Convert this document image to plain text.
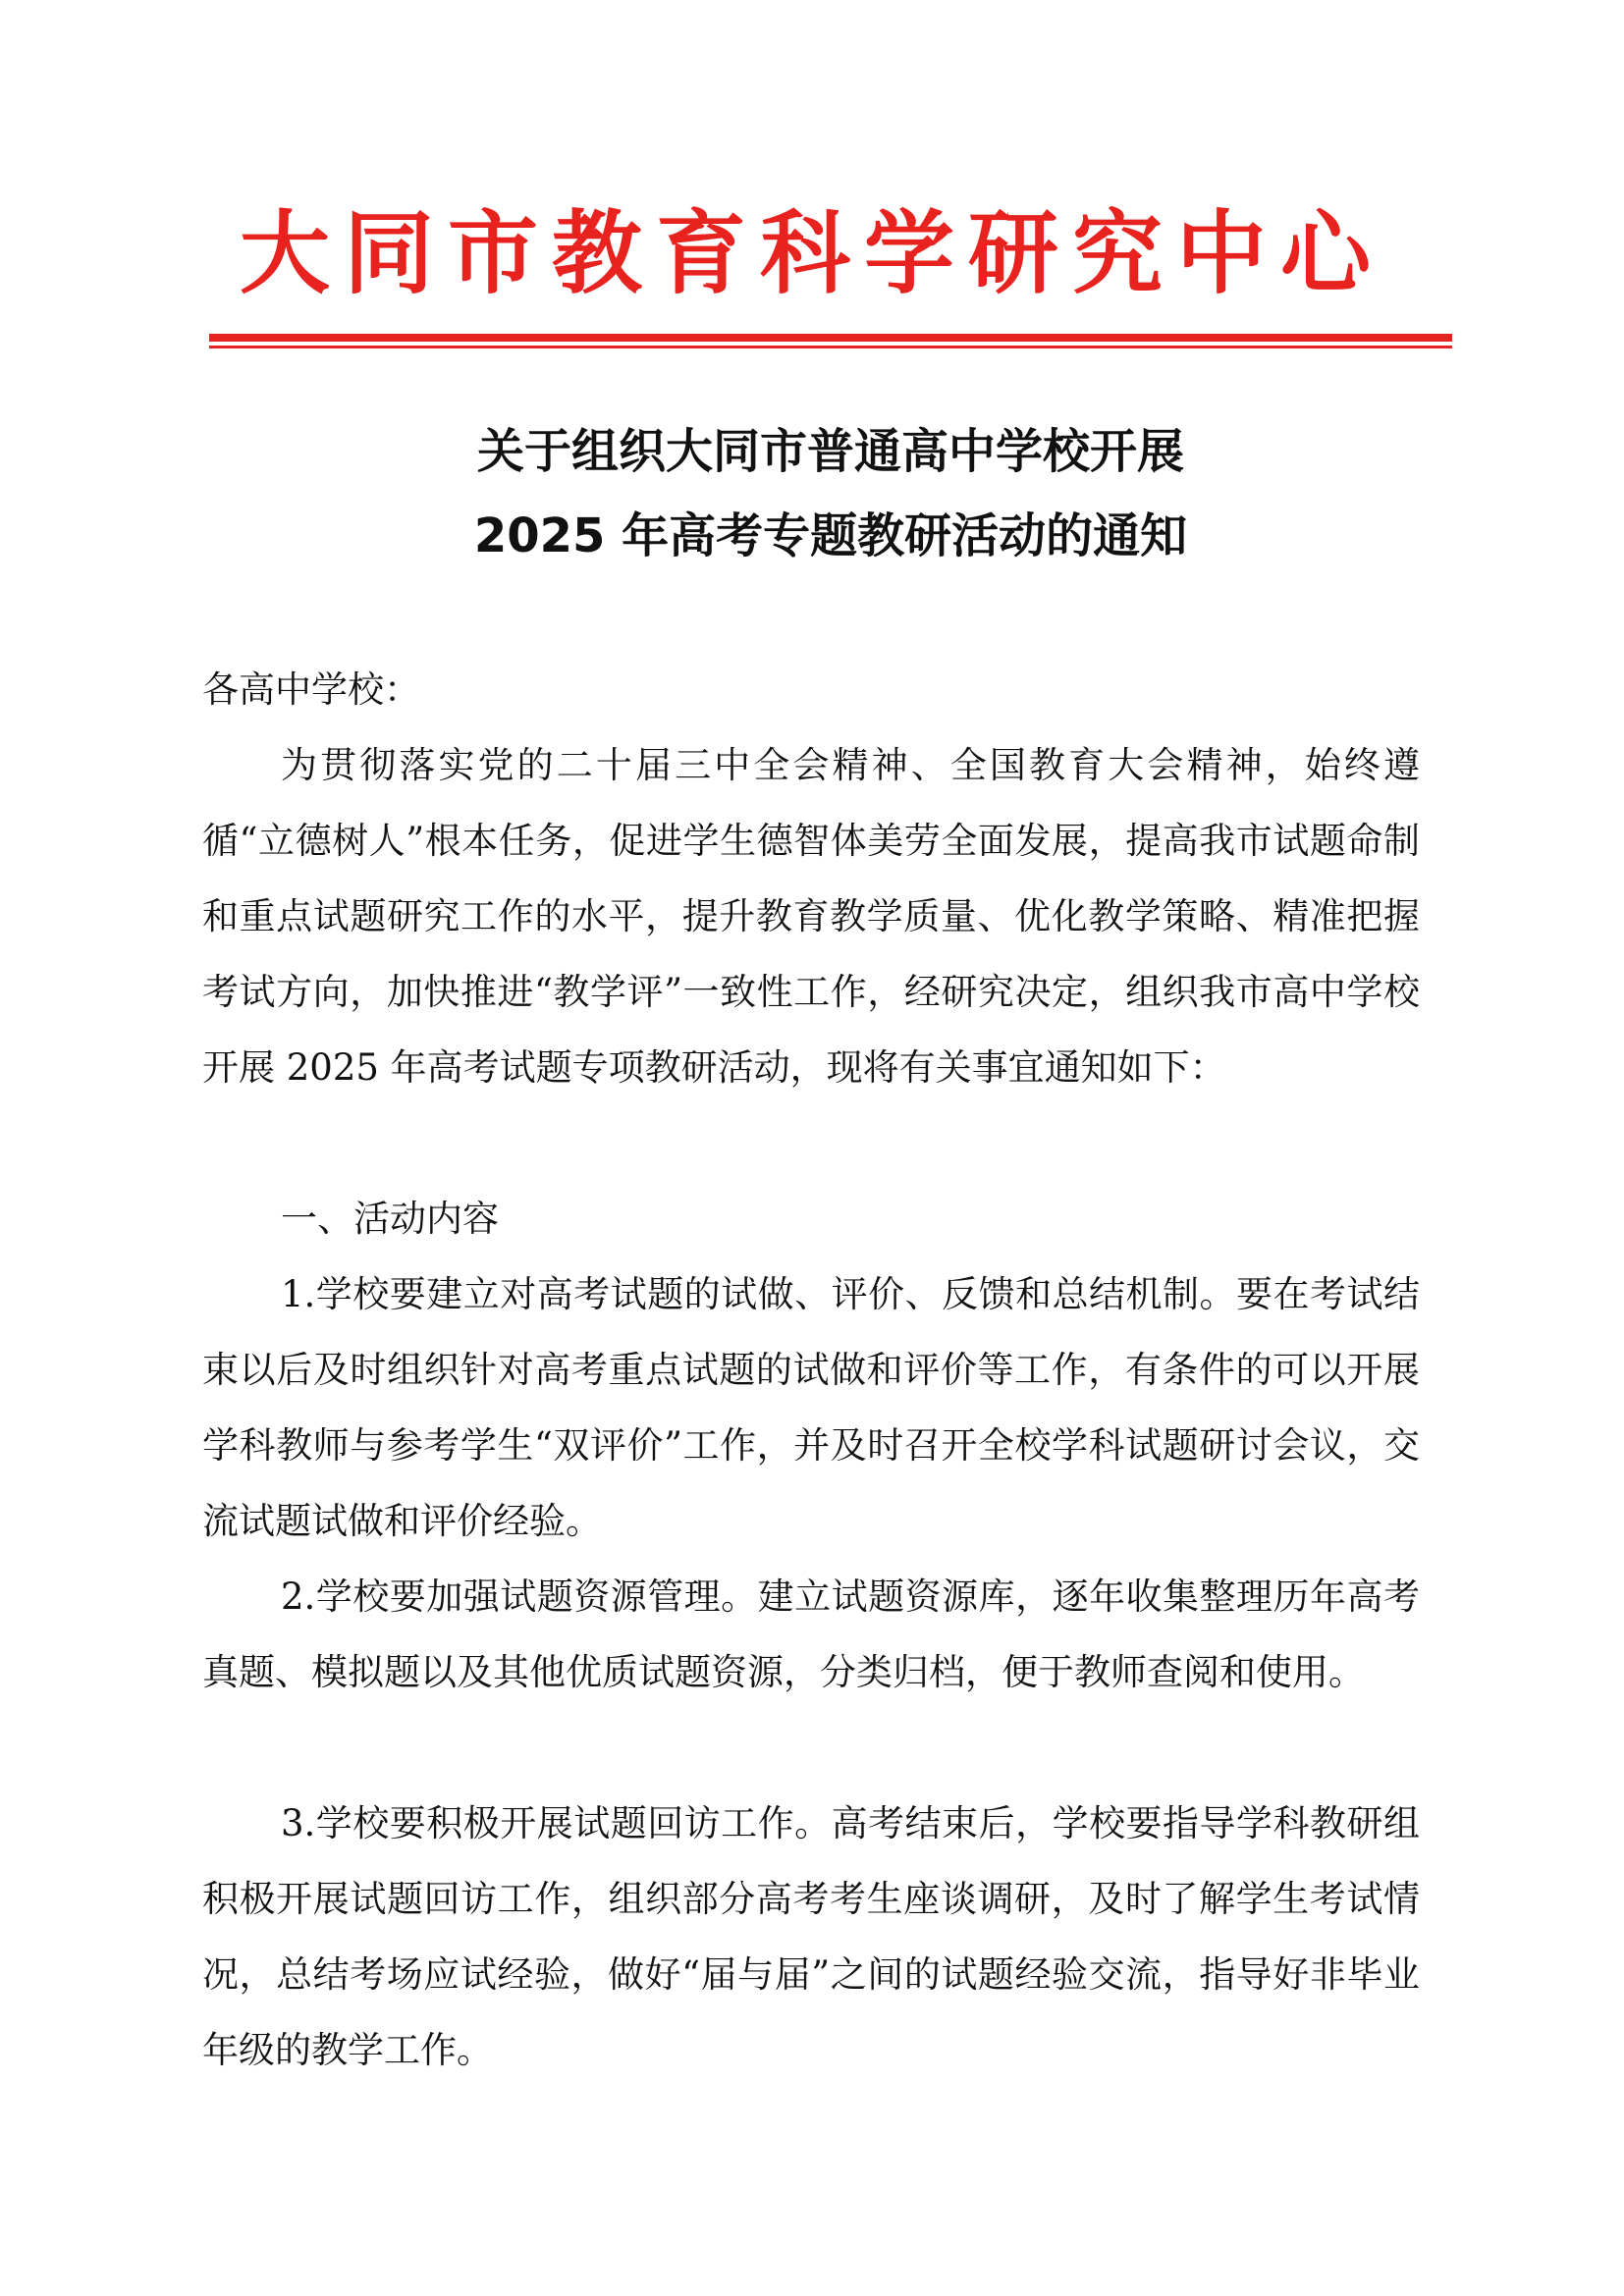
大同市教育科学研究中心
关于组织大同市普通高中学校开展
2025 年高考专题教研活动的通知
各高中学校：

为贯彻落实党的二十届三中全会精神、全国教育大会精神，始终遵循“立德树人”根本任务，促进学生德智体美劳全面发展，提高我市试题命制和重点试题研究工作的水平，提升教育教学质量、优化教学策略、精准把握考试方向，加快推进“教学评”一致性工作，经研究决定，组织我市高中学校开展 2025 年高考试题专项教研活动，现将有关事宜通知如下：

一、活动内容

1.学校要建立对高考试题的试做、评价、反馈和总结机制。要在考试结束以后及时组织针对高考重点试题的试做和评价等工作，有条件的可以开展学科教师与参考学生“双评价”工作，并及时召开全校学科试题研讨会议，交流试题试做和评价经验。

2.学校要加强试题资源管理。建立试题资源库，逐年收集整理历年高考真题、模拟题以及其他优质试题资源，分类归档，便于教师查阅和使用。

3.学校要积极开展试题回访工作。高考结束后，学校要指导学科教研组积极开展试题回访工作，组织部分高考考生座谈调研，及时了解学生考试情况，总结考场应试经验，做好“届与届”之间的试题经验交流，指导好非毕业年级的教学工作。
